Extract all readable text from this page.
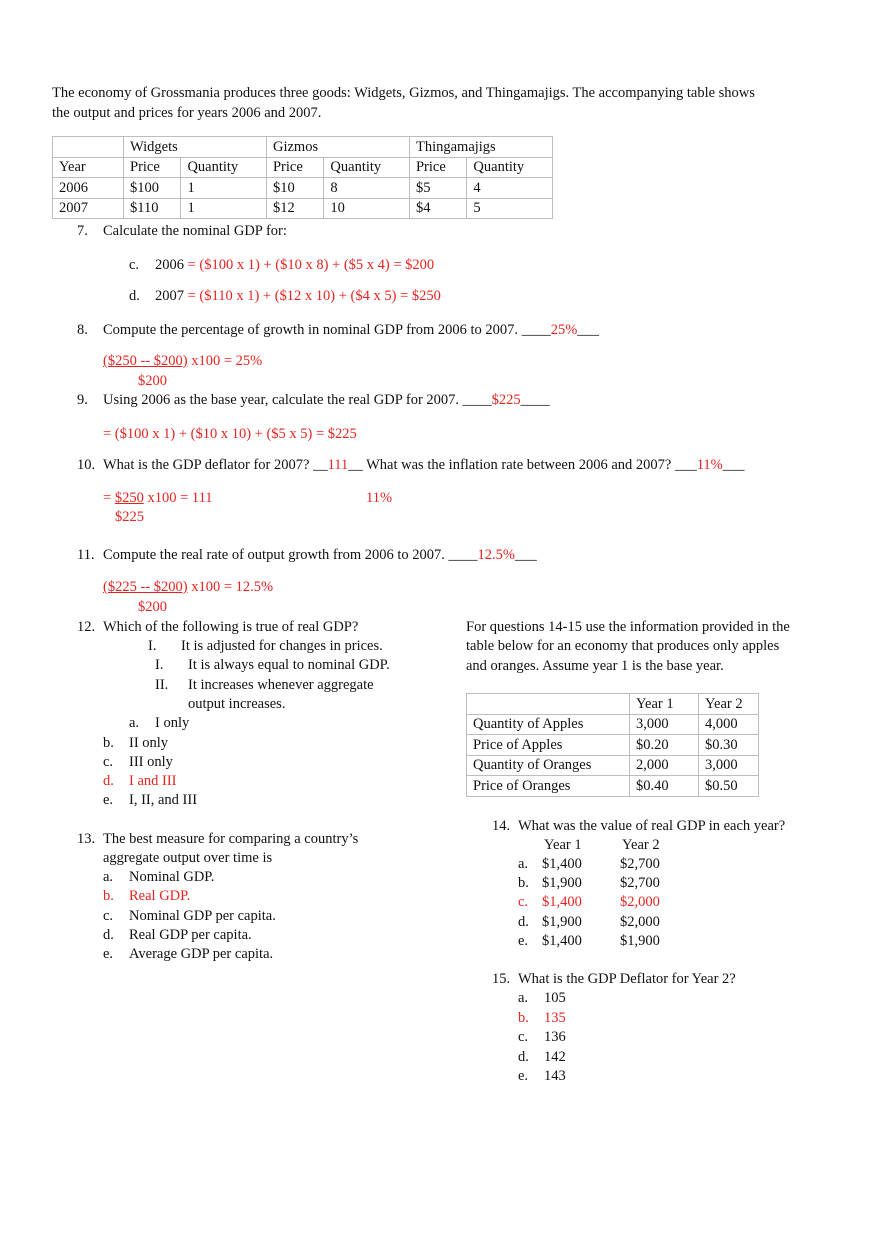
The economy of Grossmania produces three goods: Widgets, Gizmos, and Thingamajigs. The accompanying table shows
the output and prices for years 2006 and 2007.
	Widgets		Gizmos		Thingamajigs	
Year	Price	Quantity	Price	Quantity	Price	Quantity
2006	$100	1	$10	8	$5	4
2007	$110	1	$12	10	$4	5
7. Calculate the nominal GDP for:
c. 2006 = ($100 x 1) + ($10 x 8) + ($5 x 4) = $200
d. 2007 = ($110 x 1) + ($12 x 10) + ($4 x 5) = $250
8. Compute the percentage of growth in nominal GDP from 2006 to 2007. ____25%___
($250 -- $200) x100 = 25%
$200
9. Using 2006 as the base year, calculate the real GDP for 2007. ____$225____
= ($100 x 1) + ($10 x 10) + ($5 x 5) = $225
10. What is the GDP deflator for 2007? __111__ What was the inflation rate between 2006 and 2007? ___11%___
= $250 x100 = 111	11%
$225
11. Compute the real rate of output growth from 2006 to 2007. ____12.5%___
($225 -- $200) x100 = 12.5%
$200
12. Which of the following is true of real GDP?
I. It is adjusted for changes in prices.
I. It is always equal to nominal GDP.
II. It increases whenever aggregate
output increases.
a. I only
b. II only
c. III only
d. I and III
e. I, II, and III
13. The best measure for comparing a country’s
aggregate output over time is
a. Nominal GDP.
b. Real GDP.
c. Nominal GDP per capita.
d. Real GDP per capita.
e. Average GDP per capita.
For questions 14-15 use the information provided in the
table below for an economy that produces only apples
and oranges. Assume year 1 is the base year.
	Year 1	Year 2
Quantity of Apples	3,000	4,000
Price of Apples	$0.20	$0.30
Quantity of Oranges	2,000	3,000
Price of Oranges	$0.40	$0.50
14. What was the value of real GDP in each year?
Year 1	Year 2
a. $1,400	$2,700
b. $1,900	$2,700
c. $1,400	$2,000
d. $1,900	$2,000
e. $1,400	$1,900
15. What is the GDP Deflator for Year 2?
a. 105
b. 135
c. 136
d. 142
e. 143
